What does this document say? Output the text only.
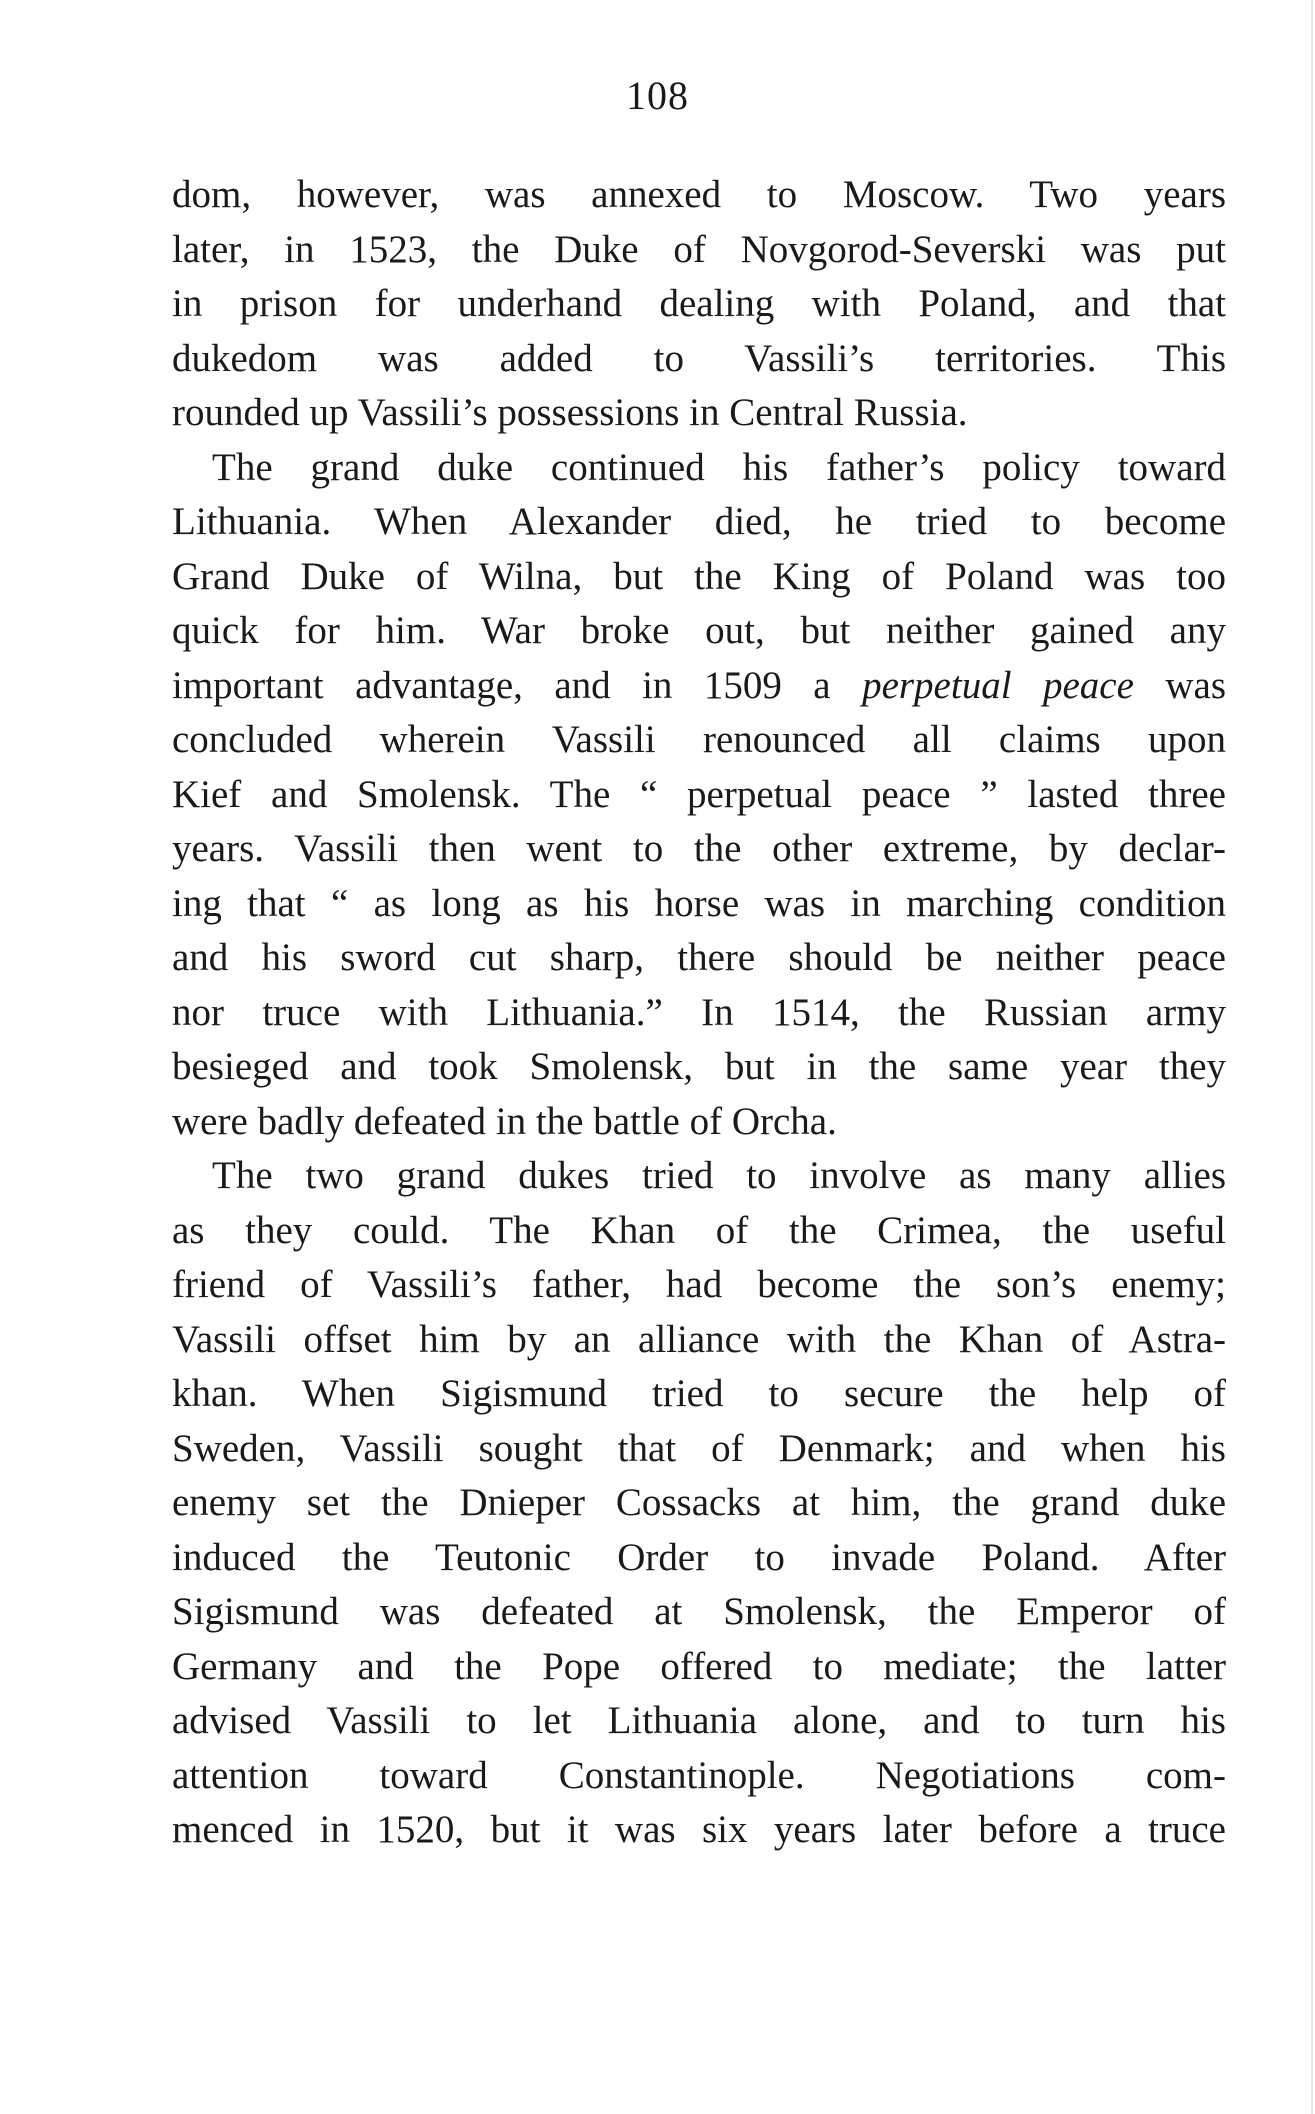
108
dom, however, was annexed to Moscow. Two years
later, in 1523, the Duke of Novgorod-Severski was put
in prison for underhand dealing with Poland, and that
dukedom was added to Vassili’s territories. This
rounded up Vassili’s possessions in Central Russia.
The grand duke continued his father’s policy toward
Lithuania. When Alexander died, he tried to become
Grand Duke of Wilna, but the King of Poland was too
quick for him. War broke out, but neither gained any
important advantage, and in 1509 a perpetual peace was
concluded wherein Vassili renounced all claims upon
Kief and Smolensk. The “ perpetual peace ” lasted three
years. Vassili then went to the other extreme, by declar-
ing that “ as long as his horse was in marching condition
and his sword cut sharp, there should be neither peace
nor truce with Lithuania.” In 1514, the Russian army
besieged and took Smolensk, but in the same year they
were badly defeated in the battle of Orcha.
The two grand dukes tried to involve as many allies
as they could. The Khan of the Crimea, the useful
friend of Vassili’s father, had become the son’s enemy;
Vassili offset him by an alliance with the Khan of Astra-
khan. When Sigismund tried to secure the help of
Sweden, Vassili sought that of Denmark; and when his
enemy set the Dnieper Cossacks at him, the grand duke
induced the Teutonic Order to invade Poland. After
Sigismund was defeated at Smolensk, the Emperor of
Germany and the Pope offered to mediate; the latter
advised Vassili to let Lithuania alone, and to turn his
attention toward Constantinople. Negotiations com-
menced in 1520, but it was six years later before a truce
